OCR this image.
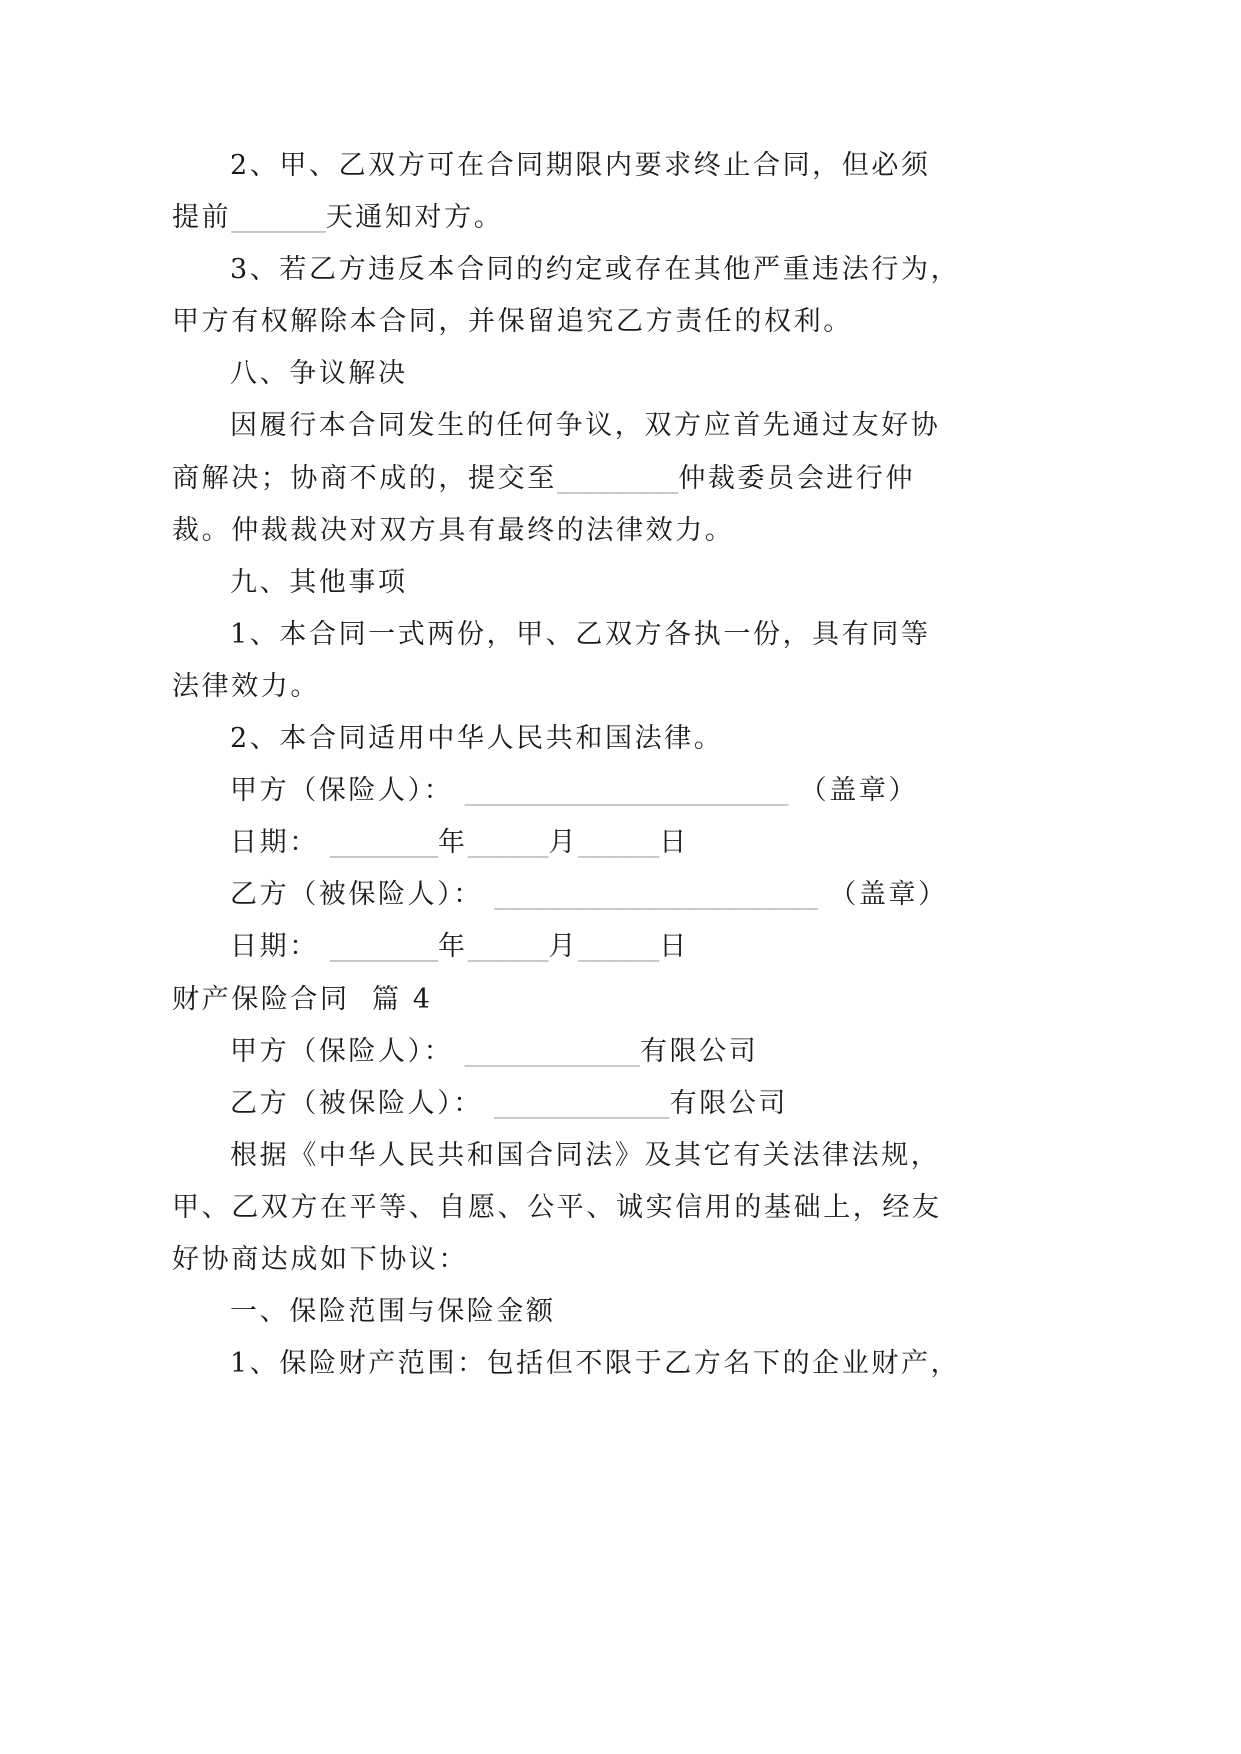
2、甲、乙双方可在合同期限内要求终止合同，但必须
提前_______天通知对方。
3、若乙方违反本合同的约定或存在其他严重违法行为，
甲方有权解除本合同，并保留追究乙方责任的权利。
八、争议解决
因履行本合同发生的任何争议，双方应首先通过友好协
商解决；协商不成的，提交至_________仲裁委员会进行仲
裁。仲裁裁决对双方具有最终的法律效力。
九、其他事项
1、本合同一式两份，甲、乙双方各执一份，具有同等
法律效力。
2、本合同适用中华人民共和国法律。
甲方（保险人）： ________________________ （盖章）
日期： ________年______月______日
乙方（被保险人）： ________________________ （盖章）
日期： ________年______月______日
财产保险合同  篇 4
甲方（保险人）： _____________有限公司
乙方（被保险人）： _____________有限公司
根据《中华人民共和国合同法》及其它有关法律法规，
甲、乙双方在平等、自愿、公平、诚实信用的基础上，经友
好协商达成如下协议：
一、保险范围与保险金额
1、保险财产范围：包括但不限于乙方名下的企业财产，
